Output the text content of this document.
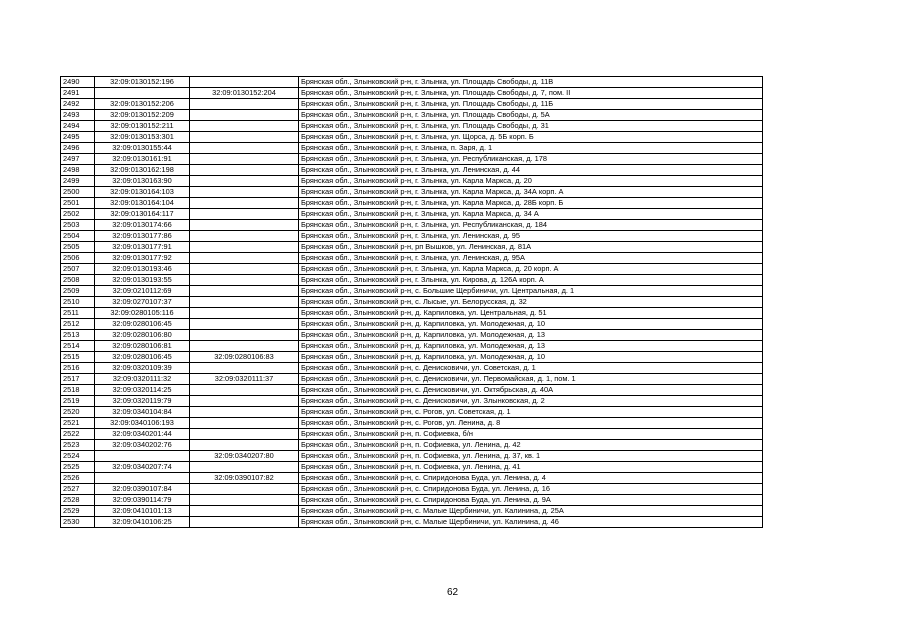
2490	32:09:0130152:196		Брянская обл., Злынковский р-н, г. Злынка, ул. Площадь Свободы, д. 11В
2491		32:09:0130152:204	Брянская обл., Злынковский р-н, г. Злынка, ул. Площадь Свободы, д. 7, пом. II
2492	32:09:0130152:206		Брянская обл., Злынковский р-н, г. Злынка, ул. Площадь Свободы, д. 11Б
2493	32:09:0130152:209		Брянская обл., Злынковский р-н, г. Злынка, ул. Площадь Свободы, д. 5А
2494	32:09:0130152:211		Брянская обл., Злынковский р-н, г. Злынка, ул. Площадь Свободы, д. 31
2495	32:09:0130153:301		Брянская обл., Злынковский р-н, г. Злынка, ул. Щорса, д. 5Б корп. Б
2496	32:09:0130155:44		Брянская обл., Злынковский р-н, г. Злынка, п. Заря, д. 1
2497	32:09:0130161:91		Брянская обл., Злынковский р-н, г. Злынка, ул. Республиканская, д. 178
2498	32:09:0130162:198		Брянская обл., Злынковский р-н, г. Злынка, ул. Ленинская, д. 44
2499	32:09:0130163:90		Брянская обл., Злынковский р-н, г. Злынка, ул. Карла Маркса, д. 20
2500	32:09:0130164:103		Брянская обл., Злынковский р-н, г. Злынка, ул. Карла Маркса, д. 34А корп. А
2501	32:09:0130164:104		Брянская обл., Злынковский р-н, г. Злынка, ул. Карла Маркса, д. 28Б корп. Б
2502	32:09:0130164:117		Брянская обл., Злынковский р-н, г. Злынка, ул. Карла Маркса, д. 34 А
2503	32:09:0130174:66		Брянская обл., Злынковский р-н, г. Злынка, ул. Республиканская, д. 184
2504	32:09:0130177:86		Брянская обл., Злынковский р-н, г. Злынка, ул. Ленинская, д. 95
2505	32:09:0130177:91		Брянская обл., Злынковский р-н, рп Вышков, ул. Ленинская, д. 81А
2506	32:09:0130177:92		Брянская обл., Злынковский р-н, г. Злынка, ул. Ленинская, д. 95А
2507	32:09:0130193:46		Брянская обл., Злынковский р-н, г. Злынка, ул. Карла Маркса, д. 20 корп. А
2508	32:09:0130193:55		Брянская обл., Злынковский р-н, г. Злынка, ул. Кирова, д. 126А корп. А
2509	32:09:0210112:69		Брянская обл., Злынковский р-н, с. Большие Щербиничи, ул. Центральная, д. 1
2510	32:09:0270107:37		Брянская обл., Злынковский р-н, с. Лысые, ул. Белорусская, д. 32
2511	32:09:0280105:116		Брянская обл., Злынковский р-н, д. Карпиловка, ул. Центральная, д. 51
2512	32:09:0280106:45		Брянская обл., Злынковский р-н, д. Карпиловка, ул. Молодежная, д. 10
2513	32:09:0280106:80		Брянская обл., Злынковский р-н, д. Карпиловка, ул. Молодежная, д. 13
2514	32:09:0280106:81		Брянская обл., Злынковский р-н, д. Карпиловка, ул. Молодежная, д. 13
2515	32:09:0280106:45	32:09:0280106:83	Брянская обл., Злынковский р-н, д. Карпиловка, ул. Молодежная, д. 10
2516	32:09:0320109:39		Брянская обл., Злынковский р-н, с. Денисковичи, ул. Советская, д. 1
2517	32:09:0320111:32	32:09:0320111:37	Брянская обл., Злынковский р-н, с. Денисковичи, ул. Первомайская, д. 1, пом. 1
2518	32:09:0320114:25		Брянская обл., Злынковский р-н, с. Денисковичи, ул. Октябрьская, д. 40А
2519	32:09:0320119:79		Брянская обл., Злынковский р-н, с. Денисковичи, ул. Злынковская, д. 2
2520	32:09:0340104:84		Брянская обл., Злынковский р-н, с. Рогов, ул. Советская, д. 1
2521	32:09:0340106:193		Брянская обл., Злынковский р-н, с. Рогов, ул. Ленина, д. 8
2522	32:09:0340201:44		Брянская обл., Злынковский р-н, п. Софиевка, б/н
2523	32:09:0340202:76		Брянская обл., Злынковский р-н, п. Софиевка, ул. Ленина, д. 42
2524		32:09:0340207:80	Брянская обл., Злынковский р-н, п. Софиевка, ул. Ленина, д. 37, кв. 1
2525	32:09:0340207:74		Брянская обл., Злынковский р-н, п. Софиевка, ул. Ленина, д. 41
2526		32:09:0390107:82	Брянская обл., Злынковский р-н, с. Спиридонова Буда, ул. Ленина, д. 4
2527	32:09:0390107:84		Брянская обл., Злынковский р-н, с. Спиридонова Буда, ул. Ленина, д. 16
2528	32:09:0390114:79		Брянская обл., Злынковский р-н, с. Спиридонова Буда, ул. Ленина, д. 9А
2529	32:09:0410101:13		Брянская обл., Злынковский р-н, с. Малые Щербиничи, ул. Калинина, д. 25А
2530	32:09:0410106:25		Брянская обл., Злынковский р-н, с. Малые Щербиничи, ул. Калинина, д. 46
62
